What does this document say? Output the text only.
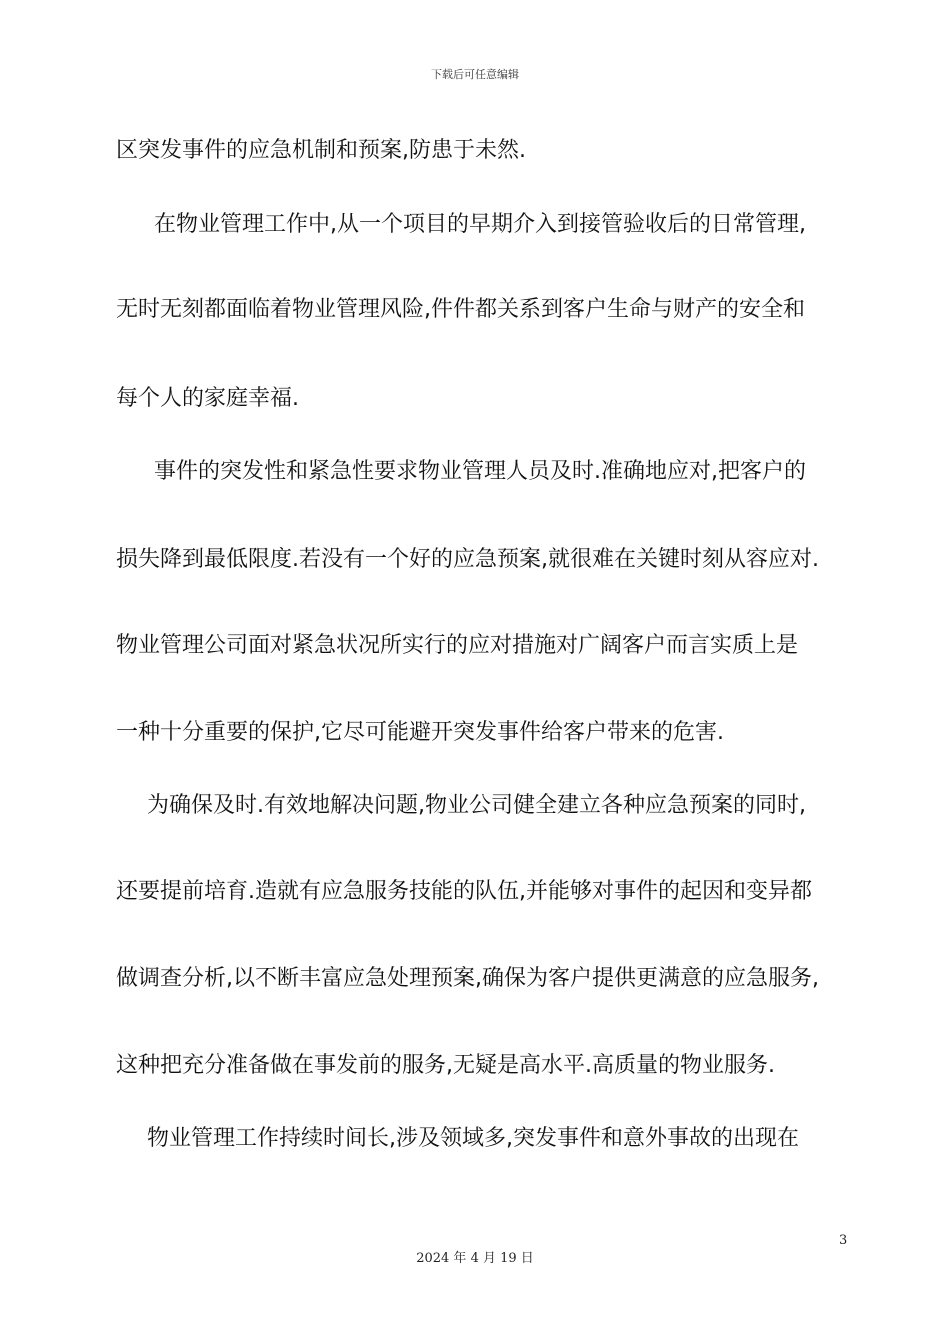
下载后可任意编辑
区突发事件的应急机制和预案,防患于未然.
　在物业管理工作中,从一个项目的早期介入到接管验收后的日常管理,
无时无刻都面临着物业管理风险,件件都关系到客户生命与财产的安全和
每个人的家庭幸福.
　事件的突发性和紧急性要求物业管理人员及时.准确地应对,把客户的
损失降到最低限度.若没有一个好的应急预案,就很难在关键时刻从容应对.
物业管理公司面对紧急状况所实行的应对措施对广阔客户而言实质上是
一种十分重要的保护,它尽可能避开突发事件给客户带来的危害.
　为确保及时.有效地解决问题,物业公司健全建立各种应急预案的同时,
还要提前培育.造就有应急服务技能的队伍,并能够对事件的起因和变异都
做调查分析,以不断丰富应急处理预案,确保为客户提供更满意的应急服务,
这种把充分准备做在事发前的服务,无疑是高水平.高质量的物业服务.
　物业管理工作持续时间长,涉及领域多,突发事件和意外事故的出现在
3
2024 年 4 月 19 日
